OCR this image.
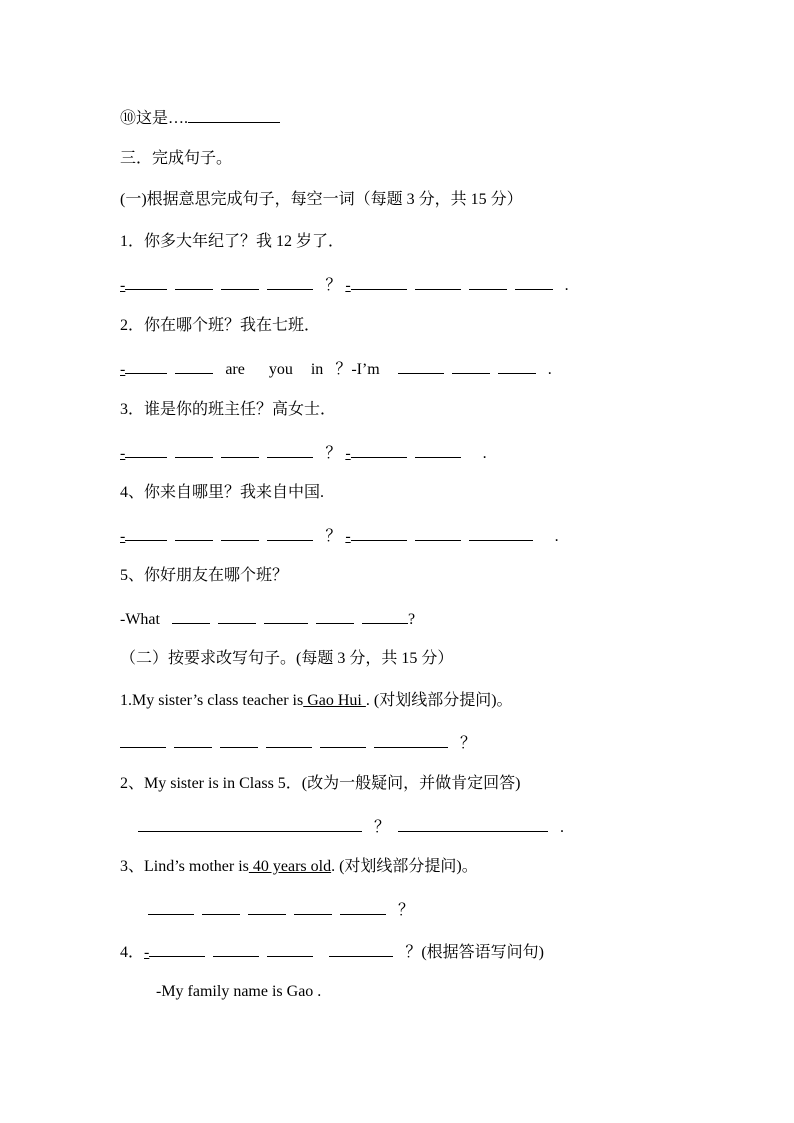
⑩这是….
三．完成句子。
(一)根据意思完成句子，每空一词（每题 3 分，共 15 分）
1．你多大年纪了？我 12 岁了．
-	？ -	.
2．你在哪个班？我在七班．
-	are you in ？-I’m	.
3．谁是你的班主任？高女士．
-	？ -	.
4、你来自哪里？我来自中国.
-	？ -	.
5、你好朋友在哪个班？
-What	?
（二）按要求改写句子。(每题 3 分，共 15 分）
1.My sister’s class teacher is Gao Hui . (对划线部分提问)。
？
2、My sister is in Class 5．(改为一般疑问，并做肯定回答)
？	.
3、Lind’s mother is 40 years old. (对划线部分提问)。
？
4．-	？(根据答语写问句)
-My family name is Gao .
